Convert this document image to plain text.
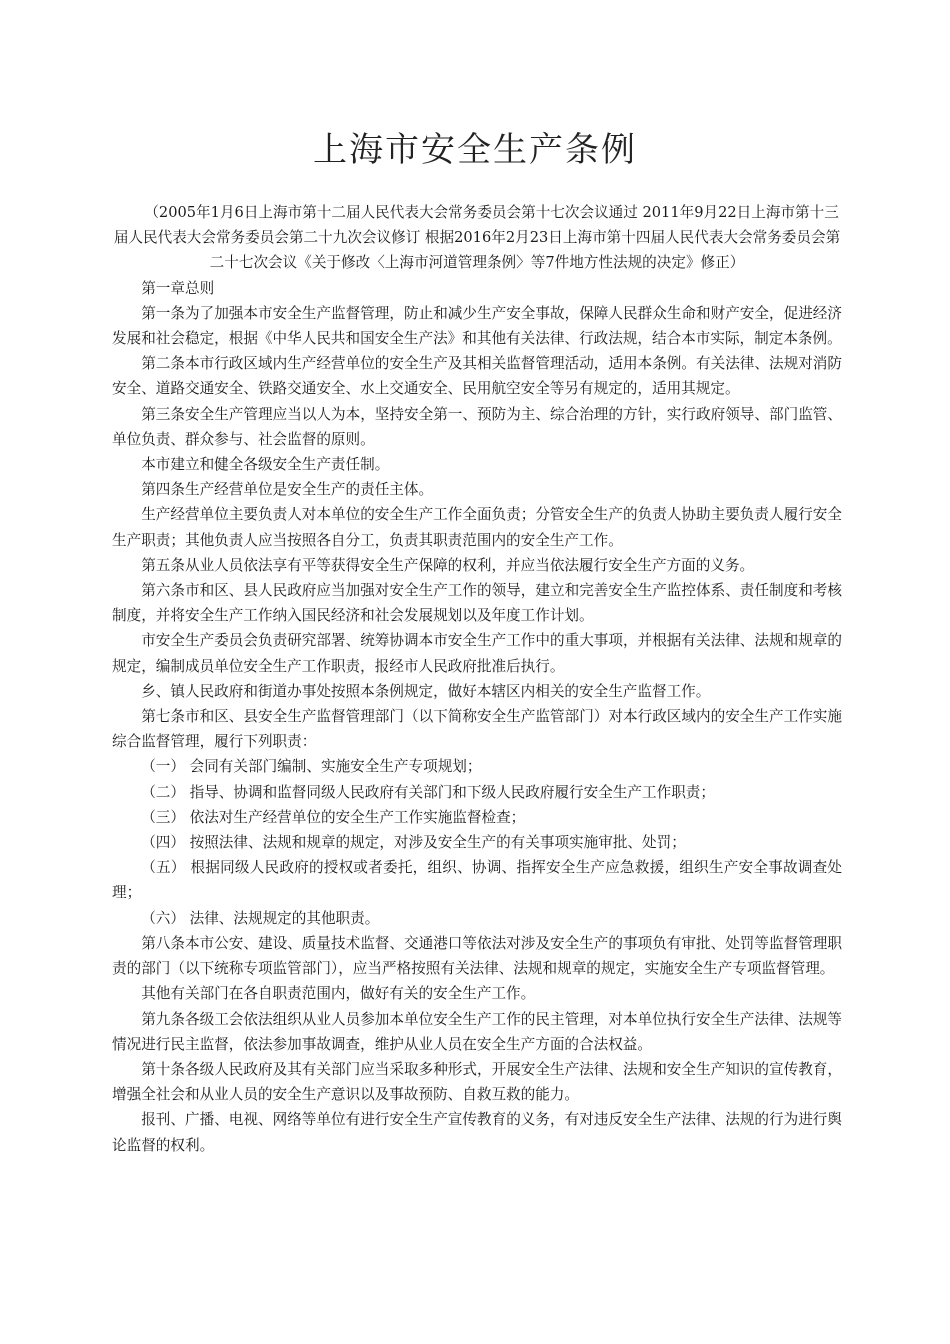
上海市安全生产条例

（2005年1月6日上海市第十二届人民代表大会常务委员会第十七次会议通过 2011年9月22日上海市第十三届人民代表大会常务委员会第二十九次会议修订 根据2016年2月23日上海市第十四届人民代表大会常务委员会第二十七次会议《关于修改〈上海市河道管理条例〉等7件地方性法规的决定》修正）

第一章总则

第一条为了加强本市安全生产监督管理，防止和减少生产安全事故，保障人民群众生命和财产安全，促进经济发展和社会稳定，根据《中华人民共和国安全生产法》和其他有关法律、行政法规，结合本市实际，制定本条例。

第二条本市行政区域内生产经营单位的安全生产及其相关监督管理活动，适用本条例。有关法律、法规对消防安全、道路交通安全、铁路交通安全、水上交通安全、民用航空安全等另有规定的，适用其规定。

第三条安全生产管理应当以人为本，坚持安全第一、预防为主、综合治理的方针，实行政府领导、部门监管、单位负责、群众参与、社会监督的原则。

本市建立和健全各级安全生产责任制。

第四条生产经营单位是安全生产的责任主体。

生产经营单位主要负责人对本单位的安全生产工作全面负责；分管安全生产的负责人协助主要负责人履行安全生产职责；其他负责人应当按照各自分工，负责其职责范围内的安全生产工作。

第五条从业人员依法享有平等获得安全生产保障的权利，并应当依法履行安全生产方面的义务。

第六条市和区、县人民政府应当加强对安全生产工作的领导，建立和完善安全生产监控体系、责任制度和考核制度，并将安全生产工作纳入国民经济和社会发展规划以及年度工作计划。

市安全生产委员会负责研究部署、统筹协调本市安全生产工作中的重大事项，并根据有关法律、法规和规章的规定，编制成员单位安全生产工作职责，报经市人民政府批准后执行。

乡、镇人民政府和街道办事处按照本条例规定，做好本辖区内相关的安全生产监督工作。

第七条市和区、县安全生产监督管理部门（以下简称安全生产监管部门）对本行政区域内的安全生产工作实施综合监督管理，履行下列职责：

（一） 会同有关部门编制、实施安全生产专项规划；

（二） 指导、协调和监督同级人民政府有关部门和下级人民政府履行安全生产工作职责；

（三） 依法对生产经营单位的安全生产工作实施监督检查；

（四） 按照法律、法规和规章的规定，对涉及安全生产的有关事项实施审批、处罚；

（五） 根据同级人民政府的授权或者委托，组织、协调、指挥安全生产应急救援，组织生产安全事故调查处理；

（六） 法律、法规规定的其他职责。

第八条本市公安、建设、质量技术监督、交通港口等依法对涉及安全生产的事项负有审批、处罚等监督管理职责的部门（以下统称专项监管部门），应当严格按照有关法律、法规和规章的规定，实施安全生产专项监督管理。

其他有关部门在各自职责范围内，做好有关的安全生产工作。

第九条各级工会依法组织从业人员参加本单位安全生产工作的民主管理，对本单位执行安全生产法律、法规等情况进行民主监督，依法参加事故调查，维护从业人员在安全生产方面的合法权益。

第十条各级人民政府及其有关部门应当采取多种形式，开展安全生产法律、法规和安全生产知识的宣传教育，增强全社会和从业人员的安全生产意识以及事故预防、自救互救的能力。

报刊、广播、电视、网络等单位有进行安全生产宣传教育的义务，有对违反安全生产法律、法规的行为进行舆论监督的权利。
